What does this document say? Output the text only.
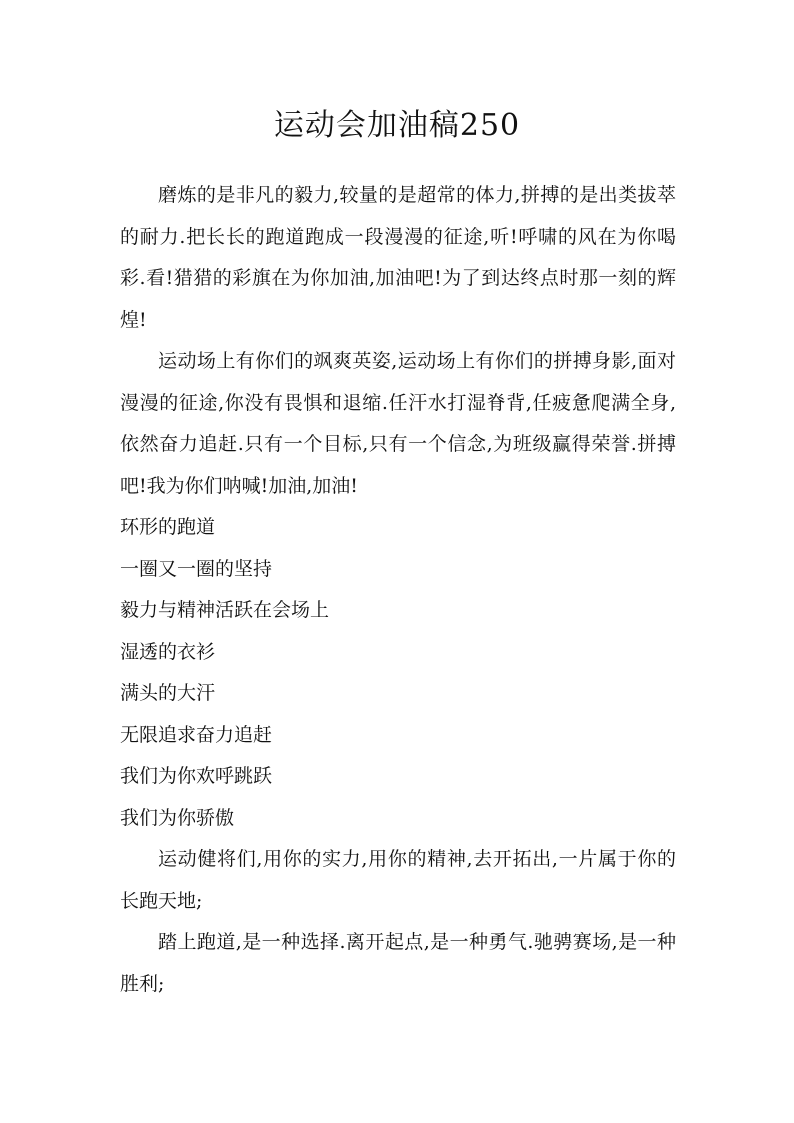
运动会加油稿250

磨炼的是非凡的毅力,较量的是超常的体力,拼搏的是出类拔萃的耐力.把长长的跑道跑成一段漫漫的征途,听!呼啸的风在为你喝彩.看!猎猎的彩旗在为你加油,加油吧!为了到达终点时那一刻的辉煌!

运动场上有你们的飒爽英姿,运动场上有你们的拼搏身影,面对漫漫的征途,你没有畏惧和退缩.任汗水打湿脊背,任疲惫爬满全身,依然奋力追赶.只有一个目标,只有一个信念,为班级赢得荣誉.拼搏吧!我为你们呐喊!加油,加油!

环形的跑道

一圈又一圈的坚持

毅力与精神活跃在会场上

湿透的衣衫

满头的大汗

无限追求奋力追赶

我们为你欢呼跳跃

我们为你骄傲

运动健将们,用你的实力,用你的精神,去开拓出,一片属于你的长跑天地;

踏上跑道,是一种选择.离开起点,是一种勇气.驰骋赛场,是一种胜利;
